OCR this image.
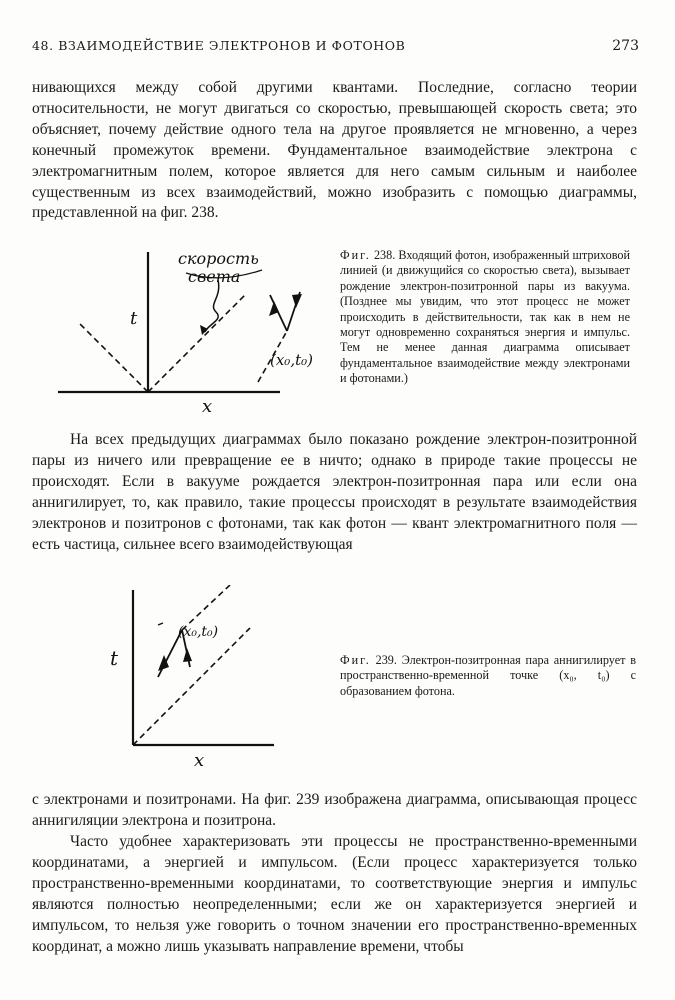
48. ВЗАИМОДЕЙСТВИЕ ЭЛЕКТРОНОВ И ФОТОНОВ	273
нивающихся между собой другими квантами. Последние, согласно теории относительности, не могут двигаться со скоростью, превышающей скорость света; это объясняет, почему действие одного тела на другое проявляется не мгновенно, а через конечный промежуток времени. Фундаментальное взаимодействие электрона с электромагнитным полем, которое является для него самым сильным и наиболее существенным из всех взаимодействий, можно изобразить с помощью диаграммы, представленной на фиг. 238.
скорость
света
t
x
(x₀,t₀)
Фиг. 238. Входящий фотон, изображенный штриховой линией (и движущийся со скоростью света), вызывает рождение электрон-позитронной пары из вакуума. (Позднее мы увидим, что этот процесс не может происходить в действительности, так как в нем не могут одновременно сохраняться энергия и импульс. Тем не менее данная диаграмма описывает фундаментальное взаимодействие между электронами и фотонами.)
На всех предыдущих диаграммах было показано рождение электрон-позитронной пары из ничего или превращение ее в ничто; однако в природе такие процессы не происходят. Если в вакууме рождается электрон-позитронная пара или если она аннигилирует, то, как правило, такие процессы происходят в результате взаимодействия электронов и позитронов с фотонами, так как фотон — квант электромагнитного поля — есть частица, сильнее всего взаимодействующая
t
x
(x₀,t₀)
Фиг. 239. Электрон-позитронная пара аннигилирует в пространственно-временной точке (x₀, t₀) с образованием фотона.
с электронами и позитронами. На фиг. 239 изображена диаграмма, описывающая процесс аннигиляции электрона и позитрона.
Часто удобнее характеризовать эти процессы не пространственно-временными координатами, а энергией и импульсом. (Если процесс характеризуется только пространственно-временными координатами, то соответствующие энергия и импульс являются полностью неопределенными; если же он характеризуется энергией и импульсом, то нельзя уже говорить о точном значении его пространственно-временных координат, а можно лишь указывать направление времени, чтобы
